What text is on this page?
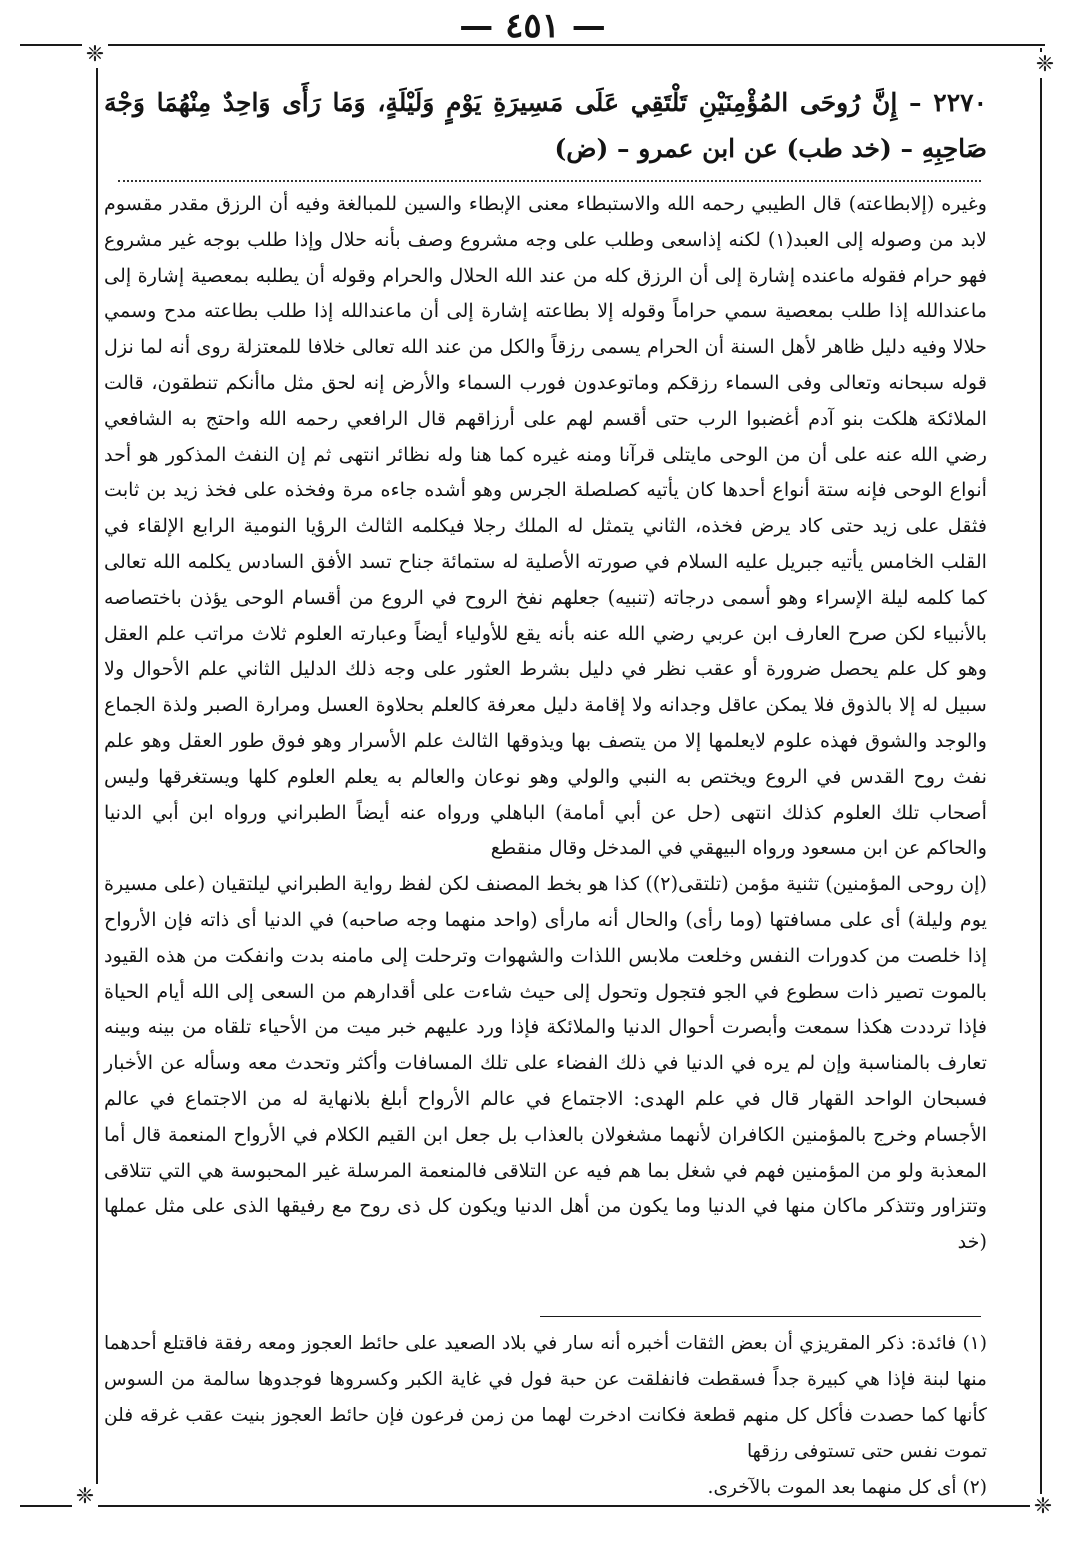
— ٤٥١ —
❈	❈
❈	❈
٢٢٧٠ – إِنَّ رُوحَى المُؤْمِنَيْنِ تَلْتَقِي عَلَى مَسِيرَةِ يَوْمٍ وَلَيْلَةٍ، وَمَا رَأَى وَاحِدٌ مِنْهُمَا وَجْهَ صَاحِبِهِ – (خد طب) عن ابن عمرو – (ض)

وغيره (إلابطاعته) قال الطيبي رحمه الله والاستبطاء معنى الإبطاء والسين للمبالغة وفيه أن الرزق مقدر مقسوم لابد من وصوله إلى العبد(١) لكنه إذاسعى وطلب على وجه مشروع وصف بأنه حلال وإذا طلب بوجه غير مشروع فهو حرام فقوله ماعنده إشارة إلى أن الرزق كله من عند الله الحلال والحرام وقوله أن يطلبه بمعصية إشارة إلى ماعندالله إذا طلب بمعصية سمي حراماً وقوله إلا بطاعته إشارة إلى أن ماعندالله إذا طلب بطاعته مدح وسمي حلالا وفيه دليل ظاهر لأهل السنة أن الحرام يسمى رزقاً والكل من عند الله تعالى خلافا للمعتزلة روى أنه لما نزل قوله سبحانه وتعالى وفى السماء رزقكم وماتوعدون فورب السماء والأرض إنه لحق مثل ماأنكم تنطقون، قالت الملائكة هلكت بنو آدم أغضبوا الرب حتى أقسم لهم على أرزاقهم قال الرافعي رحمه الله واحتج به الشافعي رضي الله عنه على أن من الوحى مايتلى قرآنا ومنه غيره كما هنا وله نظائر انتهى ثم إن النفث المذكور هو أحد أنواع الوحى فإنه ستة أنواع أحدها كان يأتيه كصلصلة الجرس وهو أشده جاءه مرة وفخذه على فخذ زيد بن ثابت فثقل على زيد حتى كاد يرض فخذه، الثاني يتمثل له الملك رجلا فيكلمه الثالث الرؤيا النومية الرابع الإلقاء في القلب الخامس يأتيه جبريل عليه السلام في صورته الأصلية له ستمائة جناح تسد الأفق السادس يكلمه الله تعالى كما كلمه ليلة الإسراء وهو أسمى درجاته (تنبيه) جعلهم نفخ الروح في الروع من أقسام الوحى يؤذن باختصاصه بالأنبياء لكن صرح العارف ابن عربي رضي الله عنه بأنه يقع للأولياء أيضاً وعبارته العلوم ثلاث مراتب علم العقل وهو كل علم يحصل ضرورة أو عقب نظر في دليل بشرط العثور على وجه ذلك الدليل الثاني علم الأحوال ولا سبيل له إلا بالذوق فلا يمكن عاقل وجدانه ولا إقامة دليل معرفة كالعلم بحلاوة العسل ومرارة الصبر ولذة الجماع والوجد والشوق فهذه علوم لايعلمها إلا من يتصف بها ويذوقها الثالث علم الأسرار وهو فوق طور العقل وهو علم نفث روح القدس في الروع ويختص به النبي والولي وهو نوعان والعالم به يعلم العلوم كلها ويستغرقها وليس أصحاب تلك العلوم كذلك انتهى (حل عن أبي أمامة) الباهلي ورواه عنه أيضاً الطبراني ورواه ابن أبي الدنيا والحاكم عن ابن مسعود ورواه البيهقي في المدخل وقال منقطع

(إن روحى المؤمنين) تثنية مؤمن (تلتقى(٢)) كذا هو بخط المصنف لكن لفظ رواية الطبراني ليلتقيان (على مسيرة يوم وليلة) أى على مسافتها (وما رأى) والحال أنه مارأى (واحد منهما وجه صاحبه) في الدنيا أى ذاته فإن الأرواح إذا خلصت من كدورات النفس وخلعت ملابس اللذات والشهوات وترحلت إلى مامنه بدت وانفكت من هذه القيود بالموت تصير ذات سطوع في الجو فتجول وتحول إلى حيث شاءت على أقدارهم من السعى إلى الله أيام الحياة فإذا ترددت هكذا سمعت وأبصرت أحوال الدنيا والملائكة فإذا ورد عليهم خبر ميت من الأحياء تلقاه من بينه وبينه تعارف بالمناسبة وإن لم يره في الدنيا في ذلك الفضاء على تلك المسافات وأكثر وتحدث معه وسأله عن الأخبار فسبحان الواحد القهار قال في علم الهدى: الاجتماع في عالم الأرواح أبلغ بلانهاية له من الاجتماع في عالم الأجسام وخرج بالمؤمنين الكافران لأنهما مشغولان بالعذاب بل جعل ابن القيم الكلام في الأرواح المنعمة قال أما المعذبة ولو من المؤمنين فهم في شغل بما هم فيه عن التلاقى فالمنعمة المرسلة غير المحبوسة هي التي تتلاقى وتتزاور وتتذكر ماكان منها في الدنيا وما يكون من أهل الدنيا ويكون كل ذى روح مع رفيقها الذى على مثل عملها (خد

(١) فائدة: ذكر المقريزي أن بعض الثقات أخبره أنه سار في بلاد الصعيد على حائط العجوز ومعه رفقة فاقتلع أحدهما منها لبنة فإذا هي كبيرة جداً فسقطت فانفلقت عن حبة فول في غاية الكبر وكسروها فوجدوها سالمة من السوس كأنها كما حصدت فأكل كل منهم قطعة فكانت ادخرت لهما من زمن فرعون فإن حائط العجوز بنيت عقب غرقه فلن تموت نفس حتى تستوفى رزقها

(٢) أى كل منهما بعد الموت بالآخرى.
